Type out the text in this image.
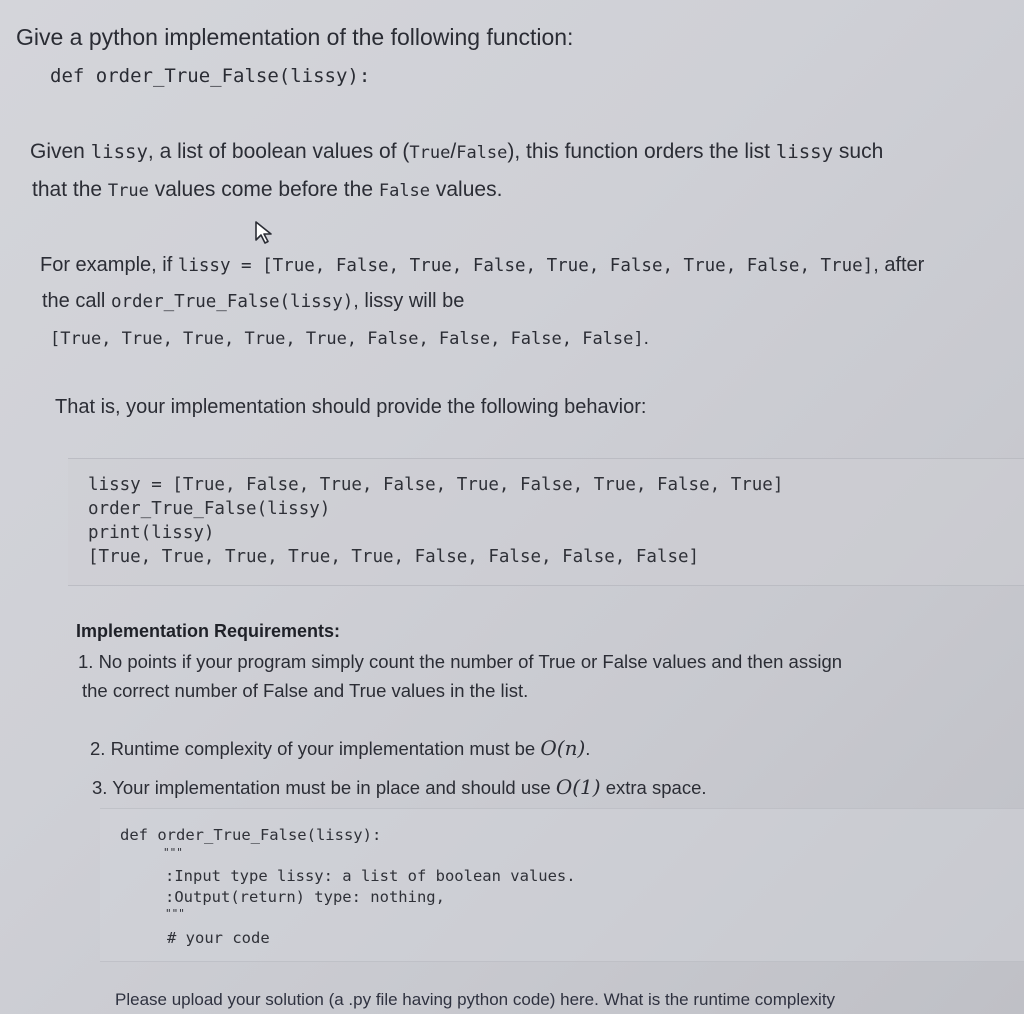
Give a python implementation of the following function:
def order_True_False(lissy):
Given
lissy , a list of boolean values of ( True / False ), this function orders the list
lissy
such
that the
True
values come before the
False
values.
For example, if
lissy = [True, False, True, False, True, False, True, False, True] , after
the call
order_True_False(lissy) , lissy will be
[True, True, True, True, True, False, False, False, False] .
That is, your implementation should provide the following behavior:
lissy = [True, False, True, False, True, False, True, False, True]
order_True_False(lissy)
print(lissy)
[True, True, True, True, True, False, False, False, False]
Implementation Requirements:
1. No points if your program simply count the number of True or False values and then assign
the correct number of False and True values in the list.
2. Runtime complexity of your implementation must be
O(n) .
3. Your implementation must be in place and should use
O(1)
extra space.
def order_True_False(lissy):
"""
:Input type lissy: a list of boolean values.
:Output(return) type: nothing,
"""
# your code
Please upload your solution (a .py file having python code) here. What is the runtime complexity
